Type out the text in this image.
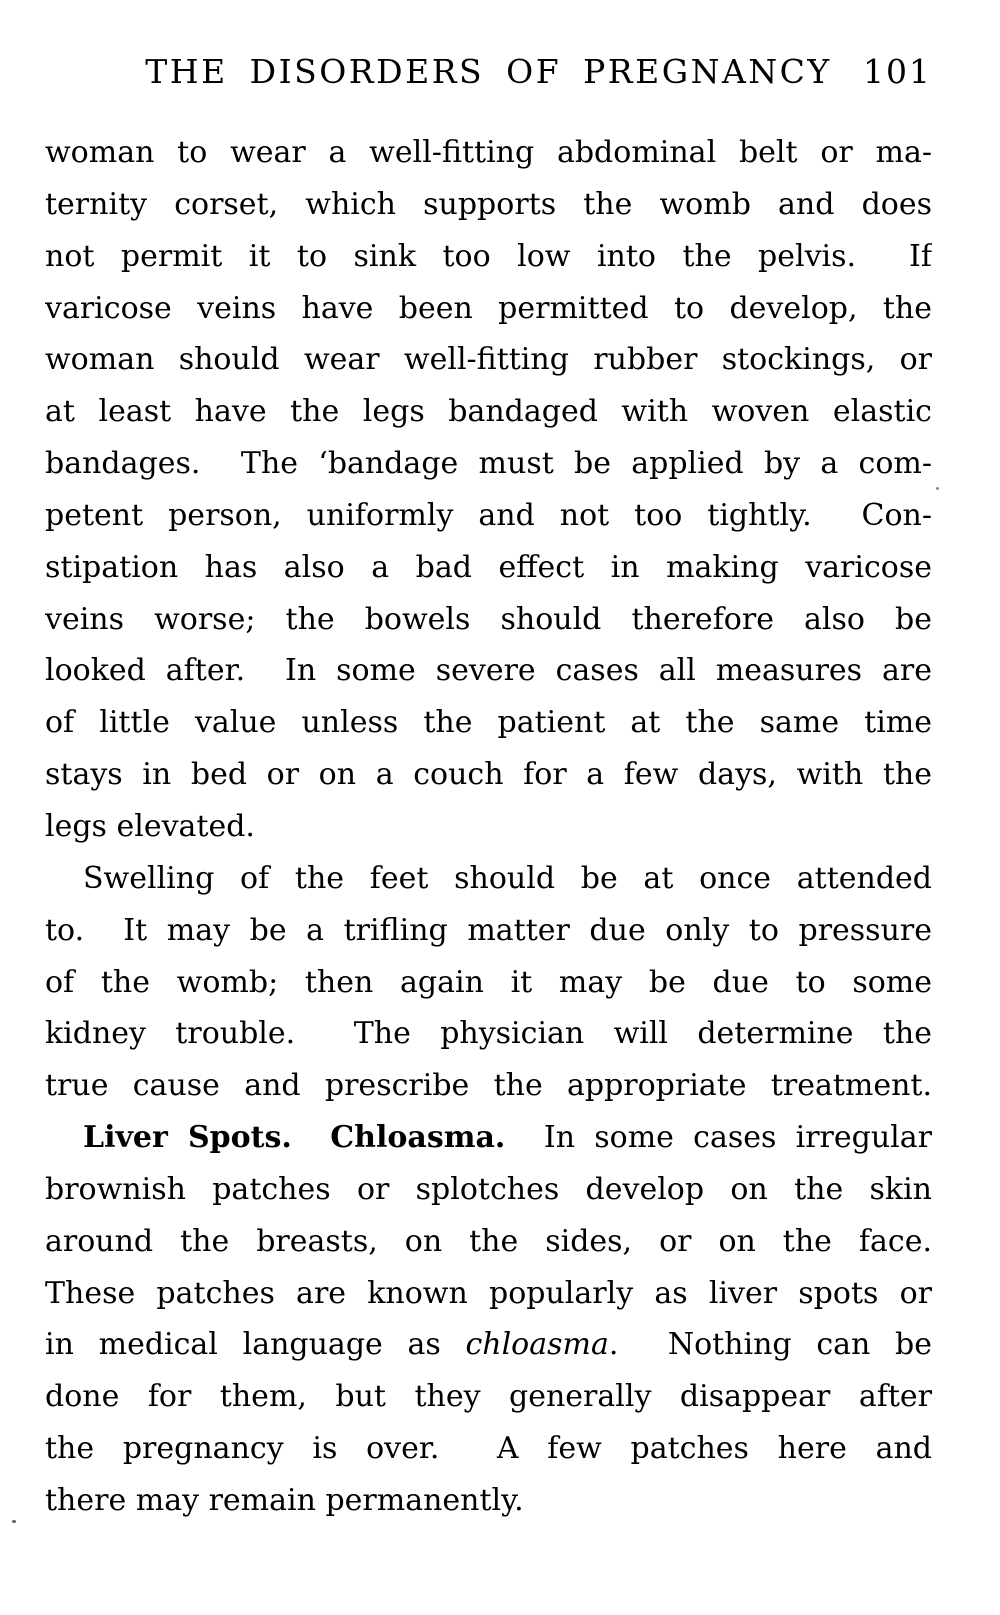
THE DISORDERS OF PREGNANCY 101
woman to wear a well-fitting abdominal belt or ma-
ternity corset, which supports the womb and does
not permit it to sink too low into the pelvis.  If
varicose veins have been permitted to develop, the
woman should wear well-fitting rubber stockings, or
at least have the legs bandaged with woven elastic
bandages.  The ‘bandage must be applied by a com-
petent person, uniformly and not too tightly.  Con-
stipation has also a bad effect in making varicose
veins worse; the bowels should therefore also be
looked after.  In some severe cases all measures are
of little value unless the patient at the same time
stays in bed or on a couch for a few days, with the
legs elevated.
Swelling of the feet should be at once attended
to.  It may be a trifling matter due only to pressure
of the womb; then again it may be due to some
kidney trouble.  The physician will determine the
true cause and prescribe the appropriate treatment.
Liver Spots. Chloasma.  In some cases irregular
brownish patches or splotches develop on the skin
around the breasts, on the sides, or on the face.
These patches are known popularly as liver spots or
in medical language as chloasma.  Nothing can be
done for them, but they generally disappear after
the pregnancy is over.  A few patches here and
there may remain permanently.
